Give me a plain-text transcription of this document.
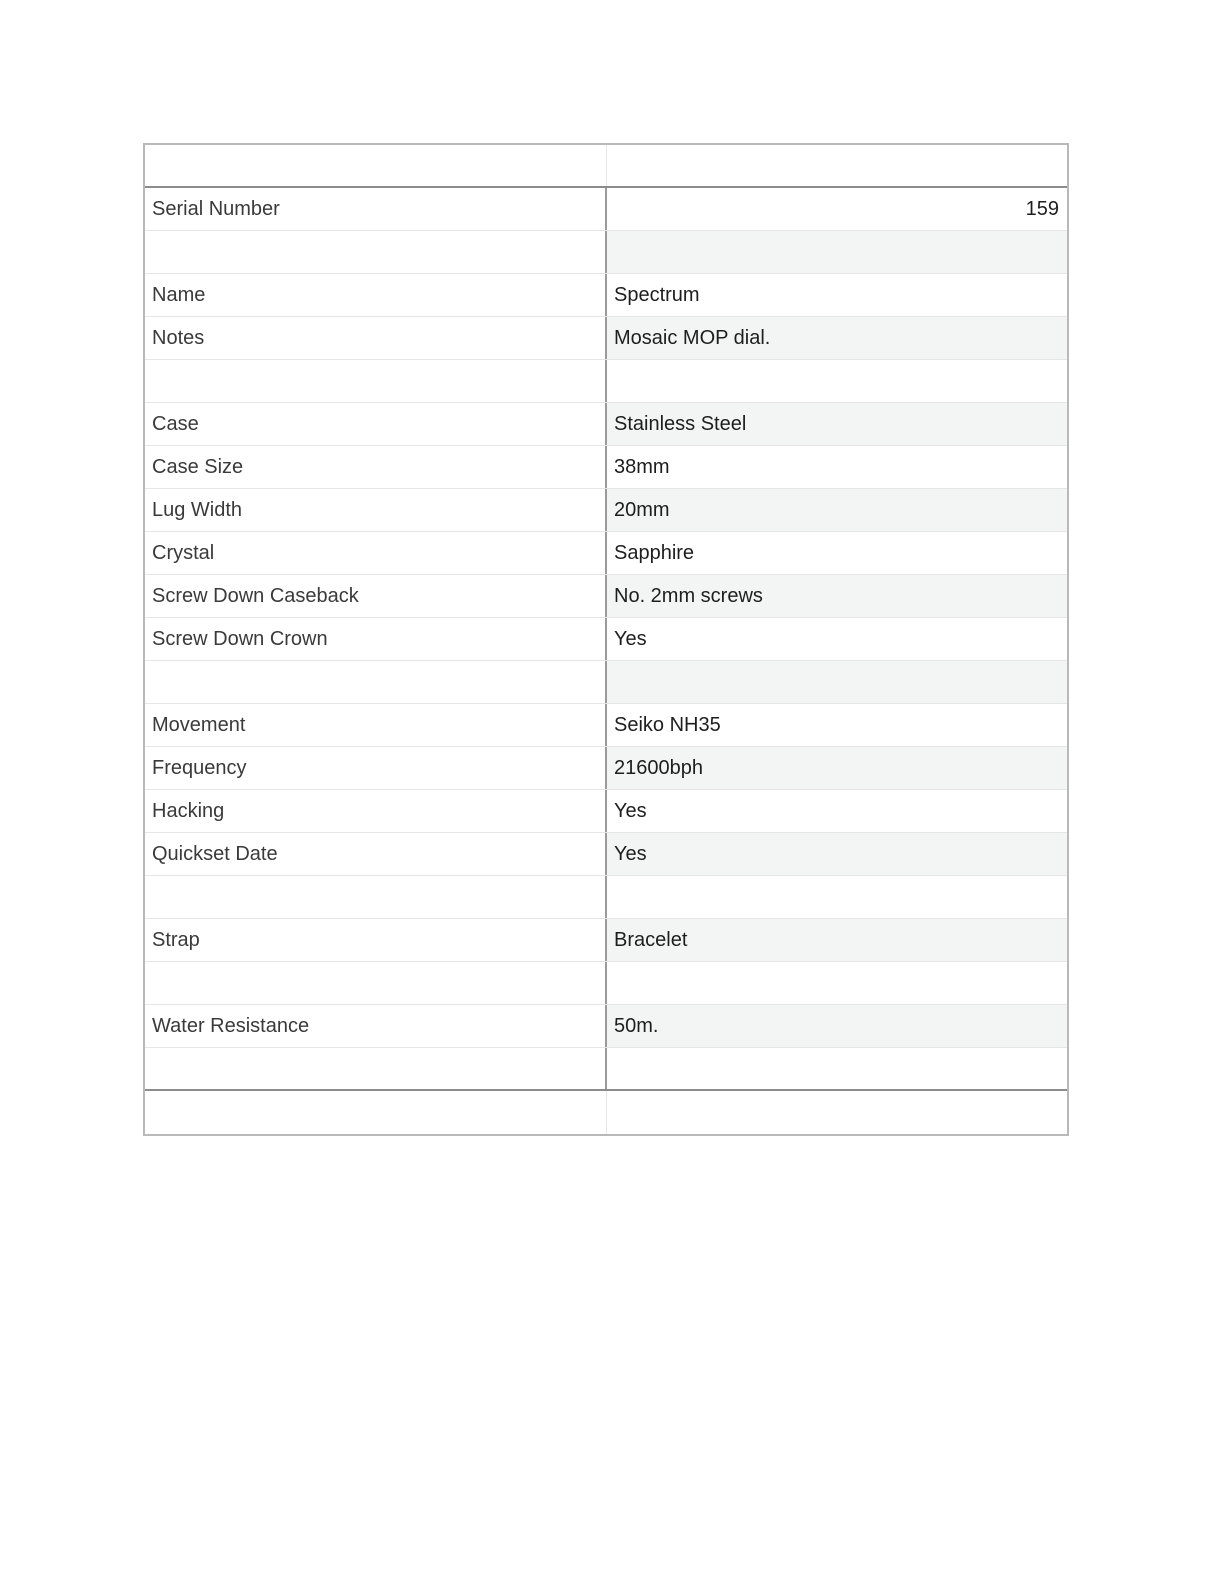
Serial Number	159
Name	Spectrum
Notes	Mosaic MOP dial.
Case	Stainless Steel
Case Size	38mm
Lug Width	20mm
Crystal	Sapphire
Screw Down Caseback	No. 2mm screws
Screw Down Crown	Yes
Movement	Seiko NH35
Frequency	21600bph
Hacking	Yes
Quickset Date	Yes
Strap	Bracelet
Water Resistance	50m.
